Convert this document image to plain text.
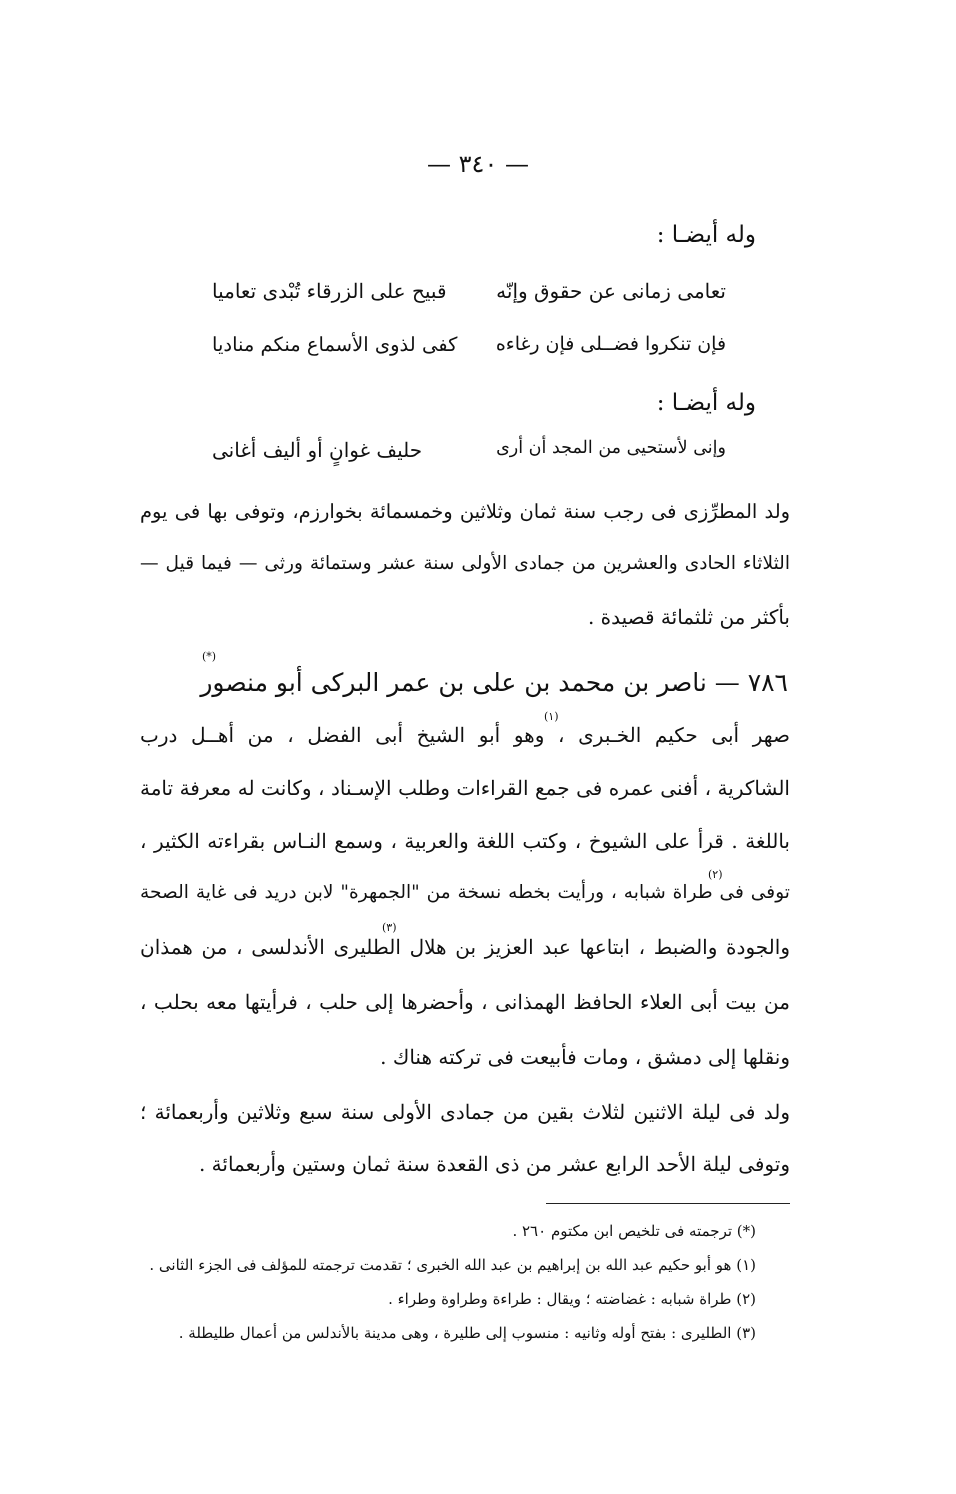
— ٣٤٠ —
وله أيضـا :
تعامى زمانى عن حقوق وإنّه
قبيح على الزرقاء تُبْدى تعاميا
فإن تنكروا فضــلى فإن رغاءه
كفى لذوى الأسماع منكم مناديا
وله أيضـا :
وإنى لأستحيى من المجد أن أرى
حليف غوانٍ أو أليف أغانى
ولد المطرِّزى فى رجب سنة ثمان وثلاثين وخمسمائة بخوارزم، وتوفى بها فى يوم
الثلاثاء الحادى والعشرين من جمادى الأولى سنة عشر وستمائة ورثى — فيما قيل —
بأكثر من ثلثمائة قصيدة .
(*)
٧٨٦ — ناصر بن محمد بن على بن عمر البركى أبو منصور
(١)
صهر أبى حكيم الخـبرى ، وهو أبو الشيخ أبى الفضل ، من أهــل درب
الشاكرية ، أفنى عمره فى جمع القراءات وطلب الإسـناد ، وكانت له معرفة تامة
باللغة . قرأ على الشيوخ ، وكتب اللغة والعربية ، وسمع النـاس بقراءته الكثير ،
(٢)
توفى فى طراة شبابه ، ورأيت بخطه نسخة من "الجمهرة" لابن دريد فى غاية الصحة
(٣)
والجودة والضبط ، ابتاعها عبد العزيز بن هلال الطليرى الأندلسى ، من همذان
من بيت أبى العلاء الحافظ الهمذانى ، وأحضرها إلى حلب ، فرأيتها معه بحلب ،
ونقلها إلى دمشق ، ومات فأبيعت فى تركته هناك .
ولد فى ليلة الاثنين لثلاث بقين من جمادى الأولى سنة سبع وثلاثين وأربعمائة ؛
وتوفى ليلة الأحد الرابع عشر من ذى القعدة سنة ثمان وستين وأربعمائة .
(*) ترجمته فى تلخيص ابن مكتوم ٢٦٠ .
(١) هو أبو حكيم عبد الله بن إبراهيم بن عبد الله الخبرى ؛ تقدمت ترجمته للمؤلف فى الجزء الثانى .
(٢) طراة شبابه : غضاضته ؛ ويقال : طراءة وطراوة وطراء .
(٣) الطليرى : بفتح أوله وثانيه : منسوب إلى طليرة ، وهى مدينة بالأندلس من أعمال طليطلة .
